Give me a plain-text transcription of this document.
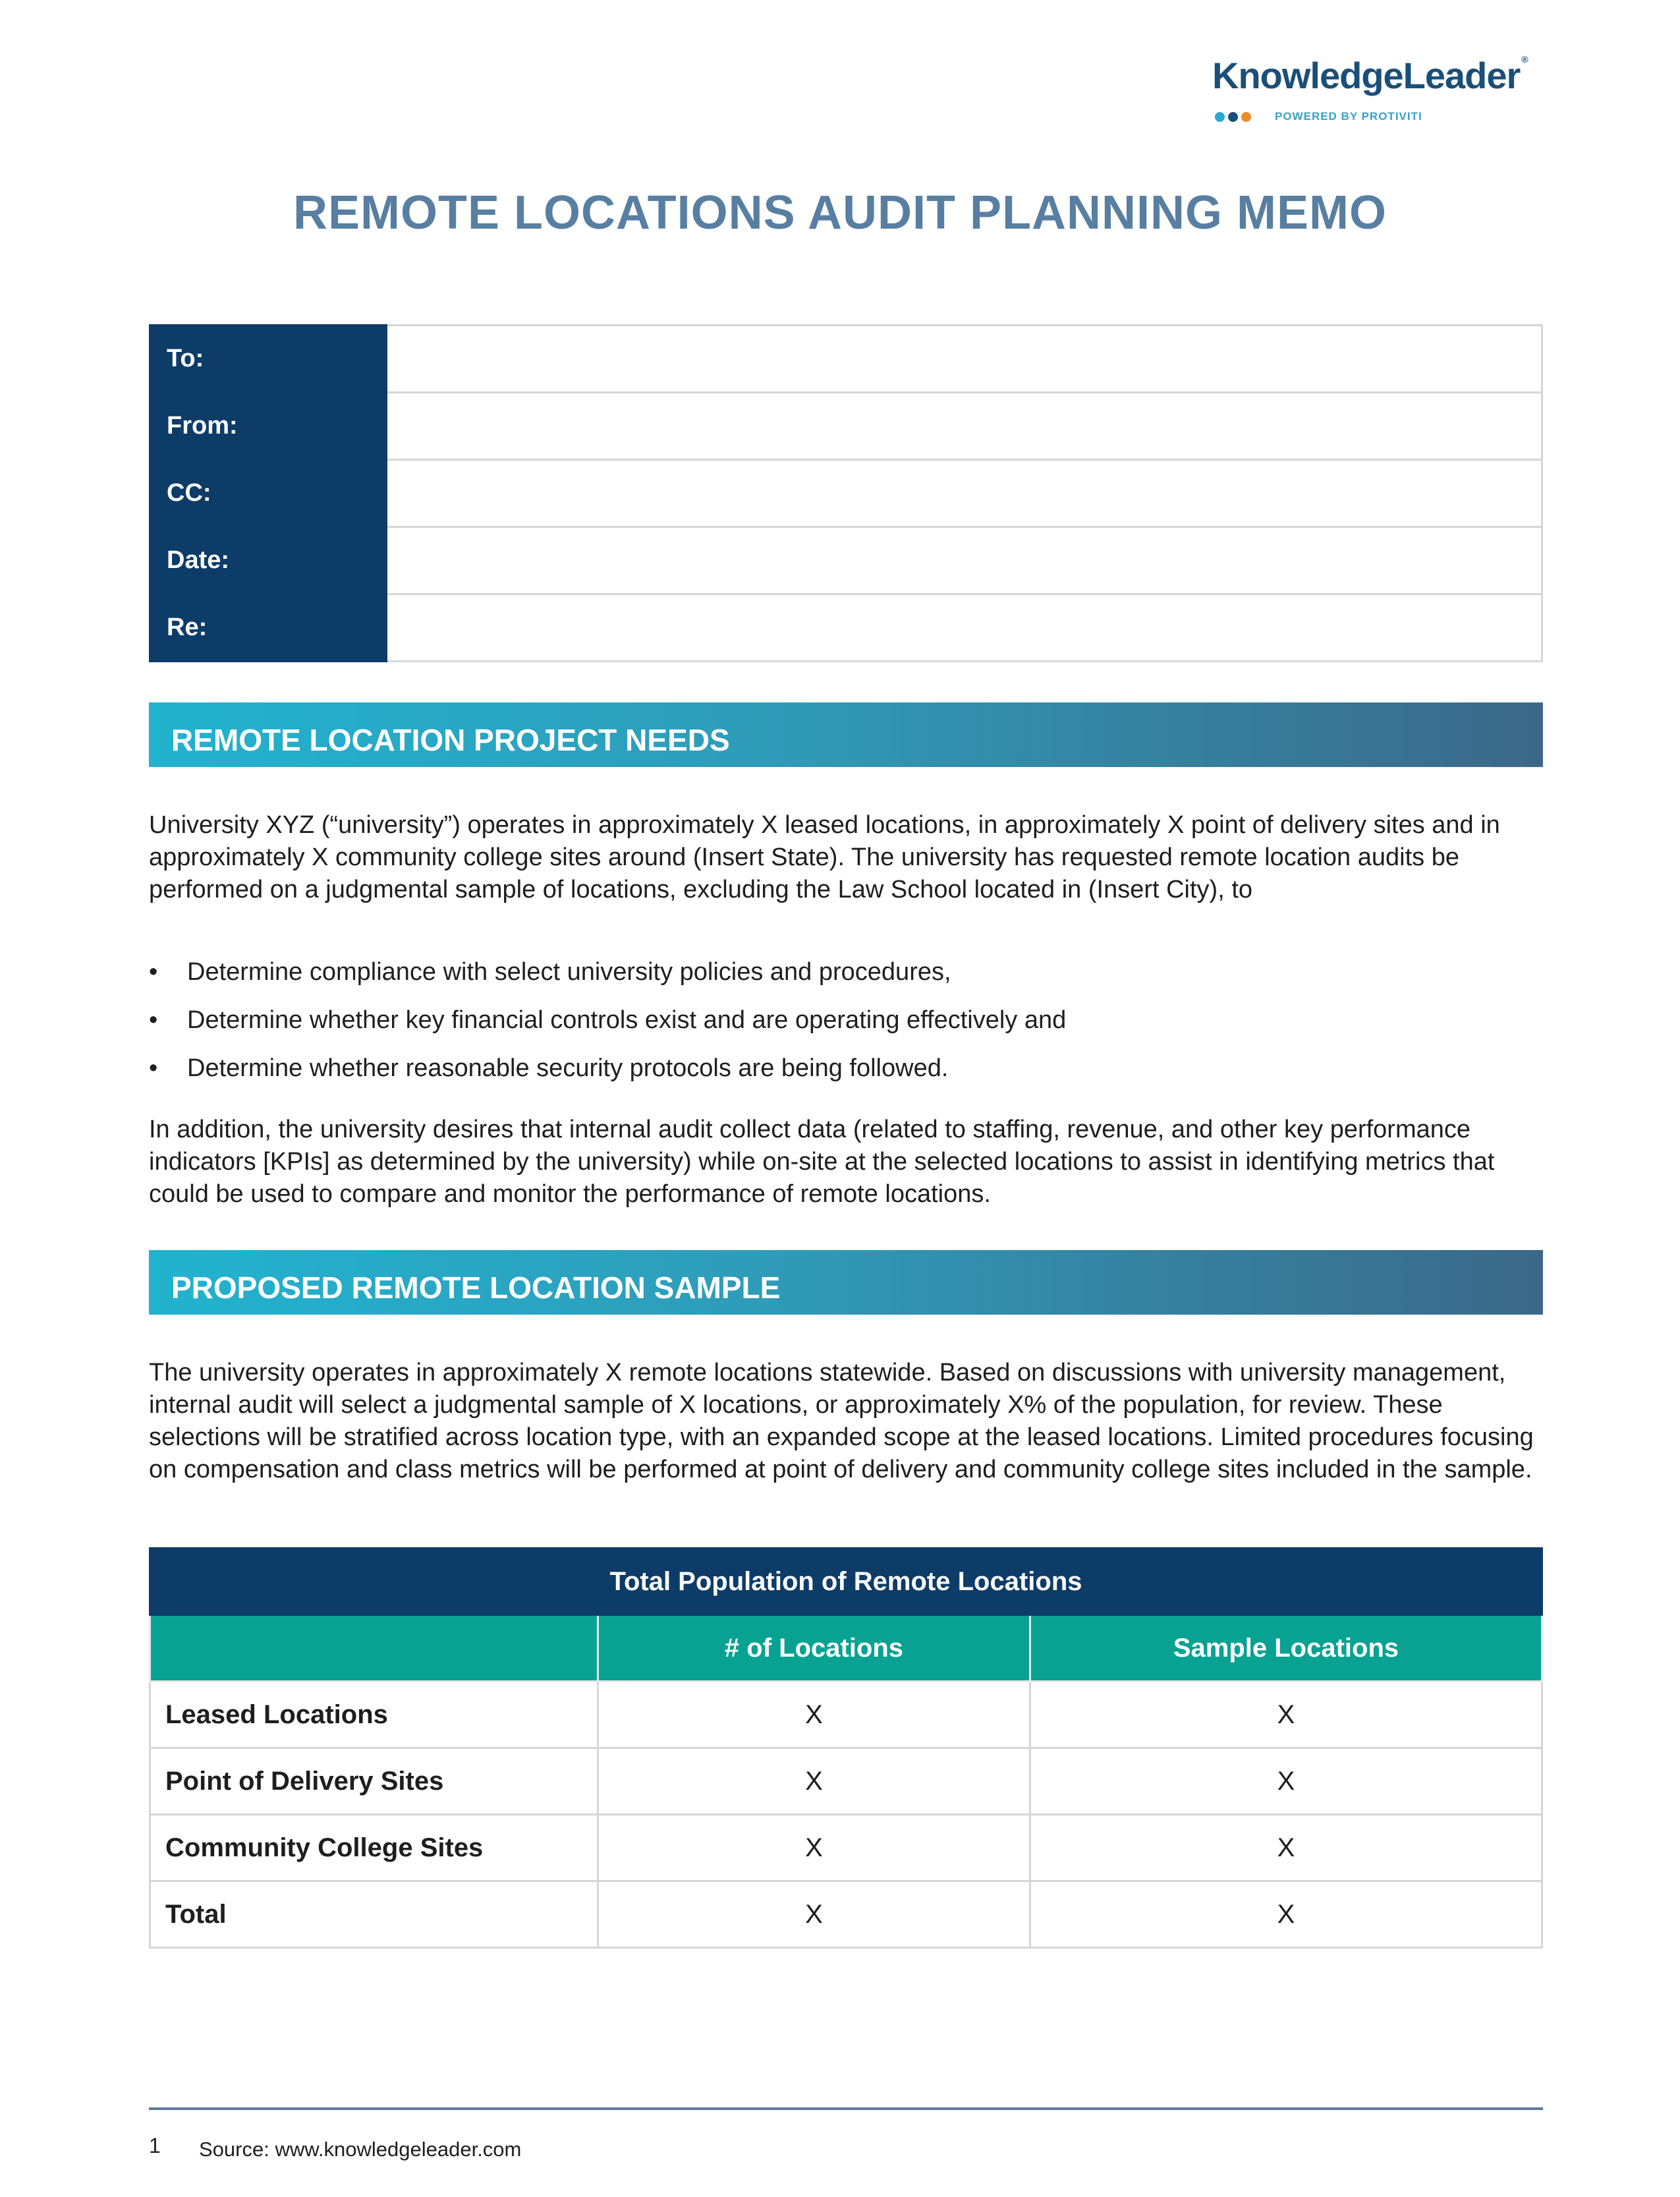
KnowledgeLeader ®
POWERED BY PROTIVITI
REMOTE LOCATIONS AUDIT PLANNING MEMO
To:	
From:	
CC:	
Date:	
Re:	
REMOTE LOCATION PROJECT NEEDS

University XYZ (“university”) operates in approximately X leased locations, in approximately X point of delivery sites and in approximately X community college sites around (Insert State). The university has requested remote location audits be performed on a judgmental sample of locations, excluding the Law School located in (Insert City), to

• Determine compliance with select university policies and procedures,
• Determine whether key financial controls exist and are operating effectively and
• Determine whether reasonable security protocols are being followed.

In addition, the university desires that internal audit collect data (related to staffing, revenue, and other key performance indicators [KPIs] as determined by the university) while on-site at the selected locations to assist in identifying metrics that could be used to compare and monitor the performance of remote locations.

PROPOSED REMOTE LOCATION SAMPLE

The university operates in approximately X remote locations statewide. Based on discussions with university management, internal audit will select a judgmental sample of X locations, or approximately X% of the population, for review. These selections will be stratified across location type, with an expanded scope at the leased locations. Limited procedures focusing on compensation and class metrics will be performed at point of delivery and community college sites included in the sample.

Total Population of Remote Locations		
	# of Locations	Sample Locations
Leased Locations	X	X
Point of Delivery Sites	X	X
Community College Sites	X	X
Total	X	X
1 Source: www.knowledgeleader.com
